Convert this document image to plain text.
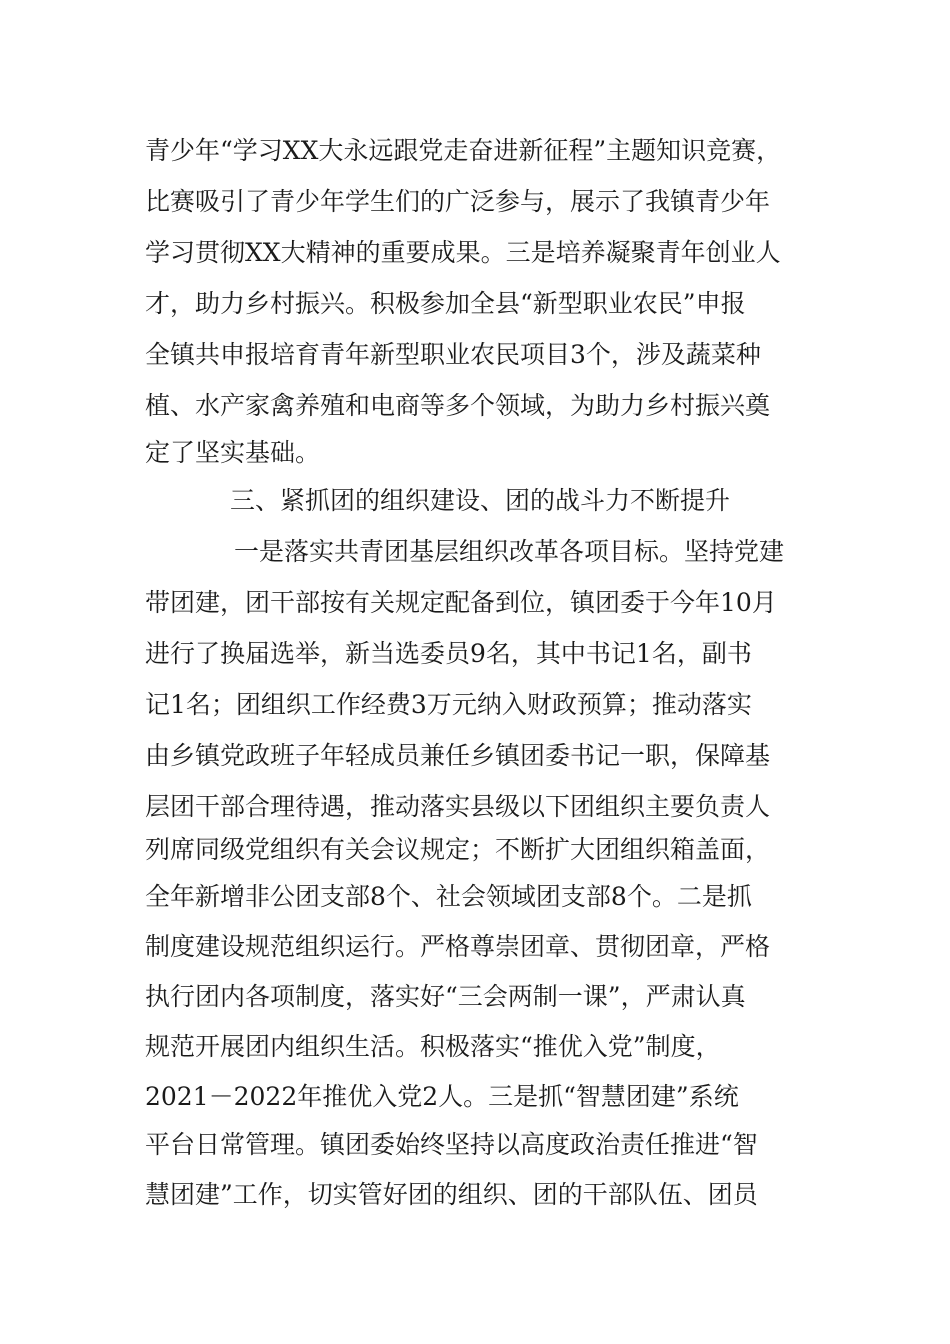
青少年“学习XX大永远跟党走奋进新征程”主题知识竞赛，
比赛吸引了青少年学生们的广泛参与，展示了我镇青少年
学习贯彻XX大精神的重要成果。三是培养凝聚青年创业人
才，助力乡村振兴。积极参加全县“新型职业农民”申报
全镇共申报培育青年新型职业农民项目3个，涉及蔬菜种
植、水产家禽养殖和电商等多个领域，为助力乡村振兴奠
定了坚实基础。
三、紧抓团的组织建设、团的战斗力不断提升
一是落实共青团基层组织改革各项目标。坚持党建
带团建，团干部按有关规定配备到位，镇团委于今年10月
进行了换届选举，新当选委员9名，其中书记1名，副书
记1名；团组织工作经费3万元纳入财政预算；推动落实
由乡镇党政班子年轻成员兼任乡镇团委书记一职，保障基
层团干部合理待遇，推动落实县级以下团组织主要负责人
列席同级党组织有关会议规定；不断扩大团组织箱盖面，
全年新增非公团支部8个、社会领域团支部8个。二是抓
制度建设规范组织运行。严格尊崇团章、贯彻团章，严格
执行团内各项制度，落实好“三会两制一课”，严肃认真
规范开展团内组织生活。积极落实“推优入党”制度，
2021－2022年推优入党2人。三是抓“智慧团建”系统
平台日常管理。镇团委始终坚持以高度政治责任推进“智
慧团建”工作，切实管好团的组织、团的干部队伍、团员
